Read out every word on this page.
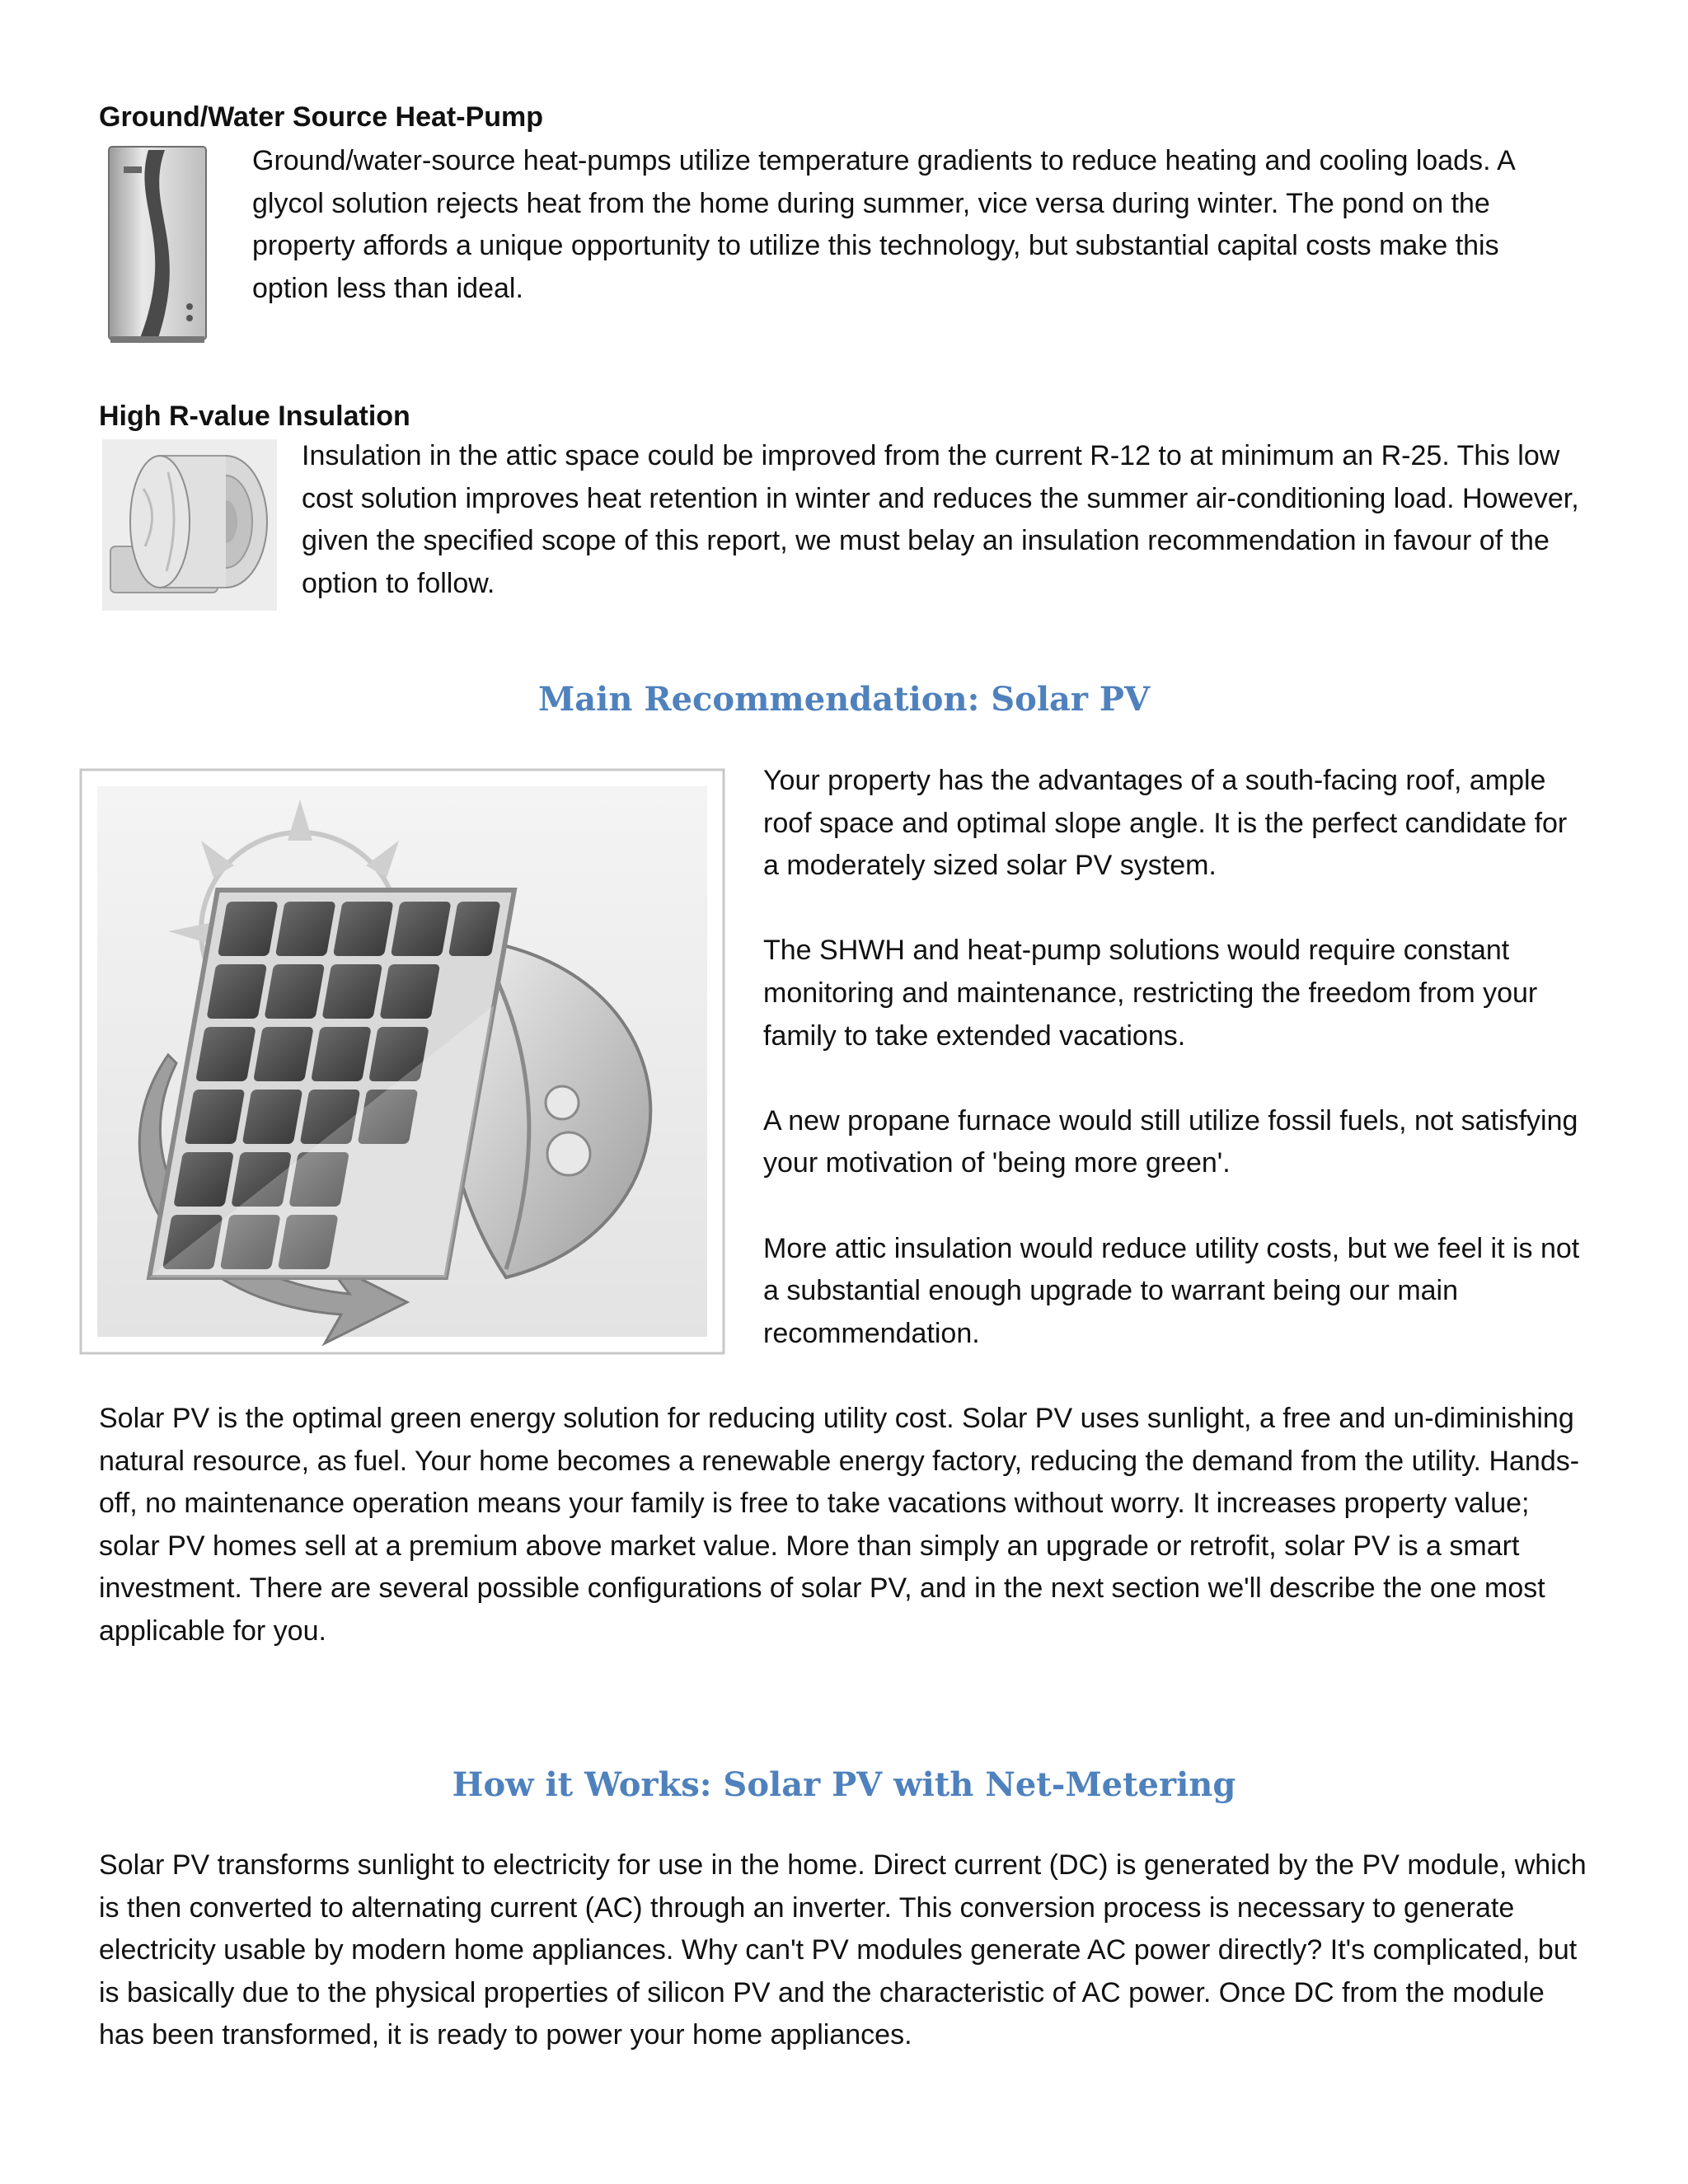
Ground/Water Source Heat-Pump

Ground/water-source heat-pumps utilize temperature gradients to reduce heating and cooling loads. A glycol solution rejects heat from the home during summer, vice versa during winter. The pond on the property affords a unique opportunity to utilize this technology, but substantial capital costs make this option less than ideal.

High R-value Insulation

Insulation in the attic space could be improved from the current R-12 to at minimum an R-25. This low cost solution improves heat retention in winter and reduces the summer air-conditioning load. However, given the specified scope of this report, we must belay an insulation recommendation in favour of the option to follow.

Main Recommendation: Solar PV

Your property has the advantages of a south-facing roof, ample roof space and optimal slope angle. It is the perfect candidate for a moderately sized solar PV system.

The SHWH and heat-pump solutions would require constant monitoring and maintenance, restricting the freedom from your family to take extended vacations.

A new propane furnace would still utilize fossil fuels, not satisfying your motivation of 'being more green'.

More attic insulation would reduce utility costs, but we feel it is not a substantial enough upgrade to warrant being our main recommendation.

Solar PV is the optimal green energy solution for reducing utility cost. Solar PV uses sunlight, a free and un-diminishing natural resource, as fuel. Your home becomes a renewable energy factory, reducing the demand from the utility. Hands-off, no maintenance operation means your family is free to take vacations without worry. It increases property value; solar PV homes sell at a premium above market value. More than simply an upgrade or retrofit, solar PV is a smart investment. There are several possible configurations of solar PV, and in the next section we'll describe the one most applicable for you.

How it Works: Solar PV with Net-Metering

Solar PV transforms sunlight to electricity for use in the home. Direct current (DC) is generated by the PV module, which is then converted to alternating current (AC) through an inverter. This conversion process is necessary to generate electricity usable by modern home appliances. Why can't PV modules generate AC power directly? It's complicated, but is basically due to the physical properties of silicon PV and the characteristic of AC power. Once DC from the module has been transformed, it is ready to power your home appliances.
